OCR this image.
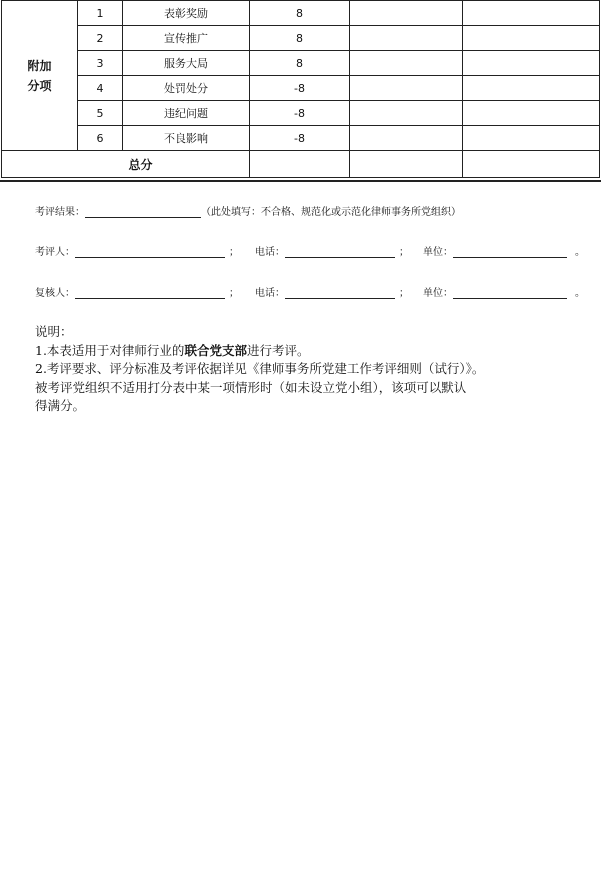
附加
分项	1	表彰奖励	8		
	2	宣传推广	8		
	3	服务大局	8		
	4	处罚处分	-8		
	5	违纪问题	-8		
	6	不良影响	-8		
总分					
考评结果：	（此处填写：不合格、规范化或示范化律师事务所党组织）
考评人：	； 电话：	； 单位：	。
复核人：	； 电话：	； 单位：	。
说明：
1.本表适用于对律师行业的联合党支部进行考评。
2.考评要求、评分标准及考评依据详见《律师事务所党建工作考评细则（试行）》。
被考评党组织不适用打分表中某一项情形时（如未设立党小组），该项可以默认
得满分。
